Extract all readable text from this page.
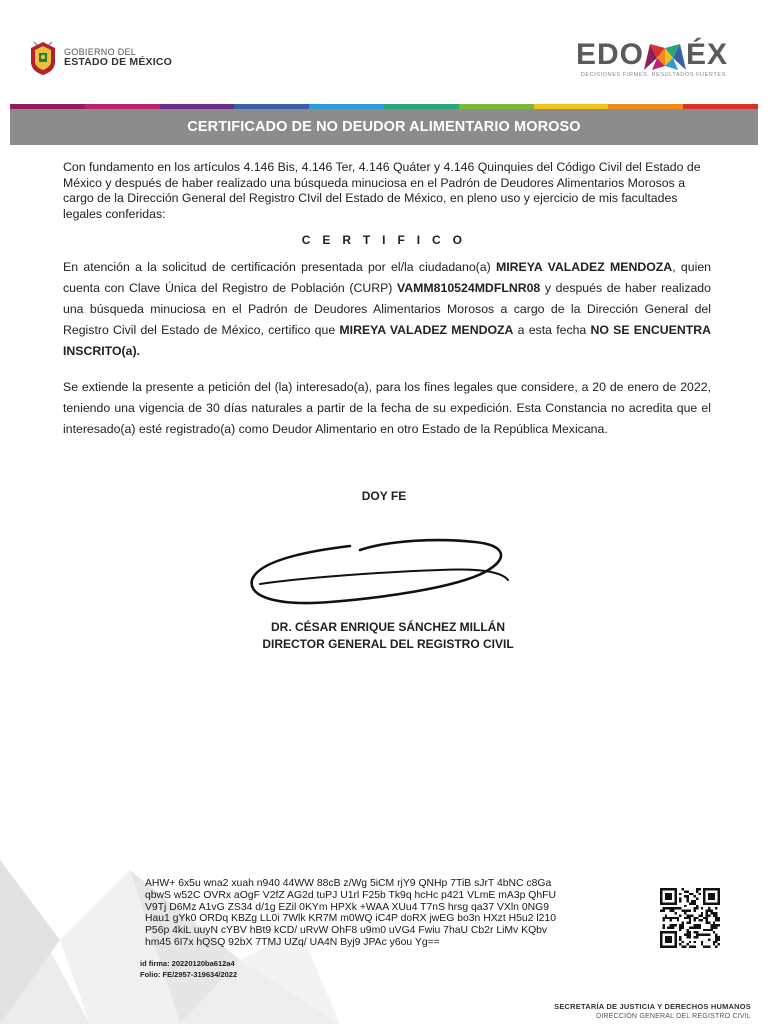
GOBIERNO DEL
ESTADO DE MÉXICO	EDO ÉX
DECISIONES FIRMES, RESULTADOS FUERTES.
CERTIFICADO DE NO DEUDOR ALIMENTARIO MOROSO
Con fundamento en los artículos 4.146 Bis, 4.146 Ter, 4.146 Quáter y 4.146 Quinquies del Código Civil del Estado de México y después de haber realizado una búsqueda minuciosa en el Padrón de Deudores Alimentarios Morosos a cargo de la Dirección General del Registro CIvil del Estado de México, en pleno uso y ejercicio de mis facultades legales conferidas:
C E R T I F I C O
En atención a la solicitud de certificación presentada por el/la ciudadano(a) MIREYA VALADEZ MENDOZA, quien cuenta con Clave Única del Registro de Población (CURP) VAMM810524MDFLNR08 y después de haber realizado una búsqueda minuciosa en el Padrón de Deudores Alimentarios Morosos a cargo de la Dirección General del Registro Civil del Estado de México, certifico que MIREYA VALADEZ MENDOZA a esta fecha NO SE ENCUENTRA  INSCRITO(a).
Se extiende la presente a petición del (la) interesado(a), para los fines legales que considere, a 20 de enero de 2022, teniendo una vigencia de 30 días naturales a partir de la fecha de su expedición. Esta Constancia no acredita que el interesado(a) esté registrado(a) como Deudor Alimentario en otro Estado de la República Mexicana.
DOY FE
DR. CÉSAR ENRIQUE SÁNCHEZ MILLÁN
DIRECTOR GENERAL DEL REGISTRO CIVIL
AHW+ 6x5u wna2 xuah n940 44WW 88cB z/Wg 5iCM rjY9 QNHp 7TiB sJrT 4bNC c8Ga
qbwS w52C OVRx aOgF V2fZ AG2d tuPJ U1rl F25b Tk9q hcHc p421 VLmE mA3p QhFU
V9Tj D6Mz A1vG ZS34 d/1g EZil 0KYm HPXk +WAA XUu4 T7nS hrsg qa37 VXln 0NG9
Hau1 gYk0 ORDq KBZg LL0i 7Wlk KR7M m0WQ iC4P doRX jwEG bo3n HXzt H5u2 l210
P56p 4kiL uuyN cYBV hBt9 kCD/ uRvW OhF8 u9m0 uVG4 Fwiu 7haU Cb2r LiMv KQbv
hm45 6I7x hQSQ 92bX 7TMJ UZq/ UA4N Byj9 JPAc y6ou Yg==
id firma: 20220120ba612a4
Folio: FE/2957-319634/2022
SECRETARÍA DE JUSTICIA Y DERECHOS HUMANOS
DIRECCIÓN GENERAL DEL REGISTRO CIVIL
